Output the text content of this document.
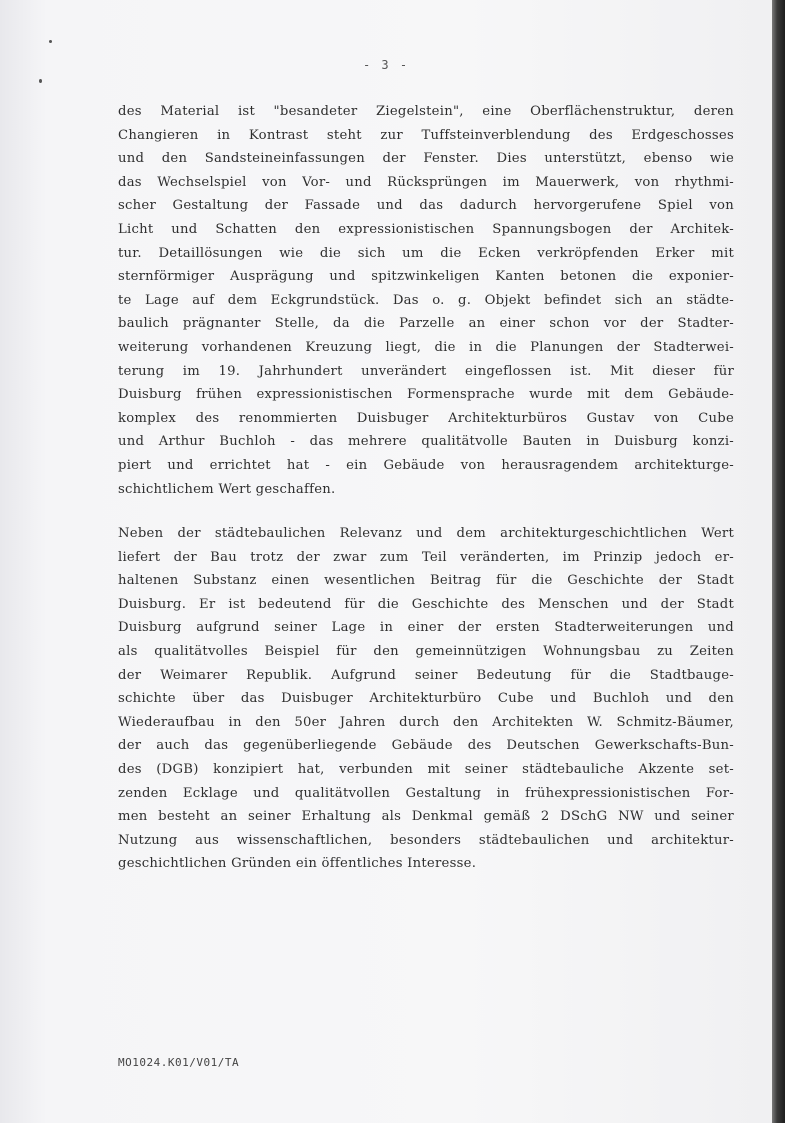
- 3 -

des Material ist "besandeter Ziegelstein", eine Oberflächenstruktur, deren
Changieren in Kontrast steht zur Tuffsteinverblendung des Erdgeschosses
und den Sandsteineinfassungen der Fenster. Dies unterstützt, ebenso wie
das Wechselspiel von Vor- und Rücksprüngen im Mauerwerk, von rhythmi-
scher Gestaltung der Fassade und das dadurch hervorgerufene Spiel von
Licht und Schatten den expressionistischen Spannungsbogen der Architek-
tur. Detaillösungen wie die sich um die Ecken verkröpfenden Erker mit
sternförmiger Ausprägung und spitzwinkeligen Kanten betonen die exponier-
te Lage auf dem Eckgrundstück. Das o. g. Objekt befindet sich an städte-
baulich prägnanter Stelle, da die Parzelle an einer schon vor der Stadter-
weiterung vorhandenen Kreuzung liegt, die in die Planungen der Stadterwei-
terung im 19. Jahrhundert unverändert eingeflossen ist. Mit dieser für
Duisburg frühen expressionistischen Formensprache wurde mit dem Gebäude-
komplex des renommierten Duisbuger Architekturbüros Gustav von Cube
und Arthur Buchloh - das mehrere qualitätvolle Bauten in Duisburg konzi-
piert und errichtet hat - ein Gebäude von herausragendem architekturge-
schichtlichem Wert geschaffen.

Neben der städtebaulichen Relevanz und dem architekturgeschichtlichen Wert
liefert der Bau trotz der zwar zum Teil veränderten, im Prinzip jedoch er-
haltenen Substanz einen wesentlichen Beitrag für die Geschichte der Stadt
Duisburg. Er ist bedeutend für die Geschichte des Menschen und der Stadt
Duisburg aufgrund seiner Lage in einer der ersten Stadterweiterungen und
als qualitätvolles Beispiel für den gemeinnützigen Wohnungsbau zu Zeiten
der Weimarer Republik. Aufgrund seiner Bedeutung für die Stadtbauge-
schichte über das Duisbuger Architekturbüro Cube und Buchloh und den
Wiederaufbau in den 50er Jahren durch den Architekten W. Schmitz-Bäumer,
der auch das gegenüberliegende Gebäude des Deutschen Gewerkschafts-Bun-
des (DGB) konzipiert hat, verbunden mit seiner städtebauliche Akzente set-
zenden Ecklage und qualitätvollen Gestaltung in frühexpressionistischen For-
men besteht an seiner Erhaltung als Denkmal gemäß 2 DSchG NW und seiner
Nutzung aus wissenschaftlichen, besonders städtebaulichen und architektur-
geschichtlichen Gründen ein öffentliches Interesse.

MO1024.K01/V01/TA
